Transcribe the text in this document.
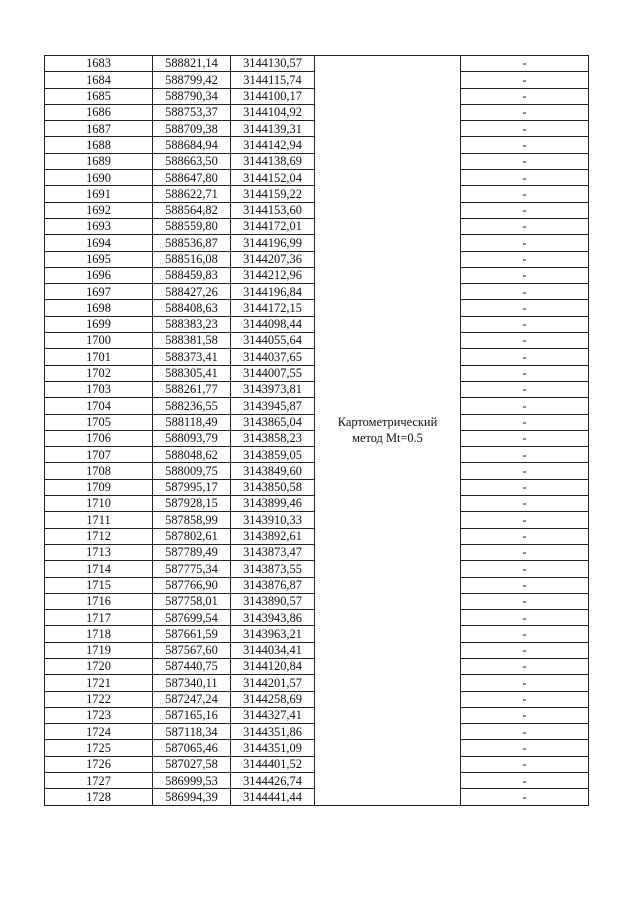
1683	588821,14	3144130,57	Картометрический
метод Mt=0.5	-
1684	588799,42	3144115,74		-
1685	588790,34	3144100,17		-
1686	588753,37	3144104,92		-
1687	588709,38	3144139,31		-
1688	588684,94	3144142,94		-
1689	588663,50	3144138,69		-
1690	588647,80	3144152,04		-
1691	588622,71	3144159,22		-
1692	588564,82	3144153,60		-
1693	588559,80	3144172,01		-
1694	588536,87	3144196,99		-
1695	588516,08	3144207,36		-
1696	588459,83	3144212,96		-
1697	588427,26	3144196,84		-
1698	588408,63	3144172,15		-
1699	588383,23	3144098,44		-
1700	588381,58	3144055,64		-
1701	588373,41	3144037,65		-
1702	588305,41	3144007,55		-
1703	588261,77	3143973,81		-
1704	588236,55	3143945,87		-
1705	588118,49	3143865,04		-
1706	588093,79	3143858,23		-
1707	588048,62	3143859,05		-
1708	588009,75	3143849,60		-
1709	587995,17	3143850,58		-
1710	587928,15	3143899,46		-
1711	587858,99	3143910,33		-
1712	587802,61	3143892,61		-
1713	587789,49	3143873,47		-
1714	587775,34	3143873,55		-
1715	587766,90	3143876,87		-
1716	587758,01	3143890,57		-
1717	587699,54	3143943,86		-
1718	587661,59	3143963,21		-
1719	587567,60	3144034,41		-
1720	587440,75	3144120,84		-
1721	587340,11	3144201,57		-
1722	587247,24	3144258,69		-
1723	587165,16	3144327,41		-
1724	587118,34	3144351,86		-
1725	587065,46	3144351,09		-
1726	587027,58	3144401,52		-
1727	586999,53	3144426,74		-
1728	586994,39	3144441,44		-
